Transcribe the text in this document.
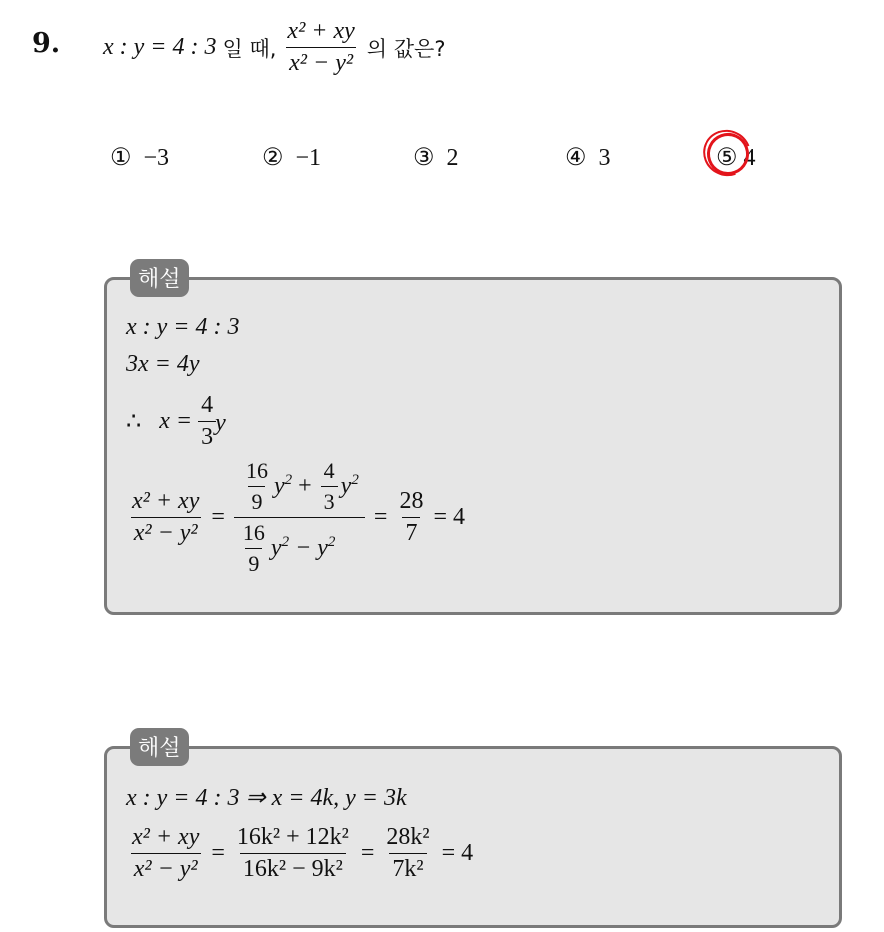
9. x : y = 4 : 3 일 때, $\frac{\text{x² + xy}}{\text{x² − y²}}$ 의 값은?
① −3	② −1	③ 2	④ 3	⑤ 4
해설
x : y = 4 : 3
3x = 4y
∴ $x = \frac{4}{3}$ y
$\frac{\text{x² + xy}}{\text{x² − y²}}$ =
$\frac{16}{9} y^2 + \frac{4}{3} y^2$
$\frac{16}{9} y^2 - y^2$
= $\frac{28}{7} = 4$
해설
x : y = 4 : 3 ⇒ x = 4k, y = 3k
$\frac{\text{x² + xy}}{\text{x² − y²}} = \frac{\text{16k² + 12k²}}{\text{16k² − 9k²}} = \frac{\text{28k²}}{\text{7k²}} = 4$
